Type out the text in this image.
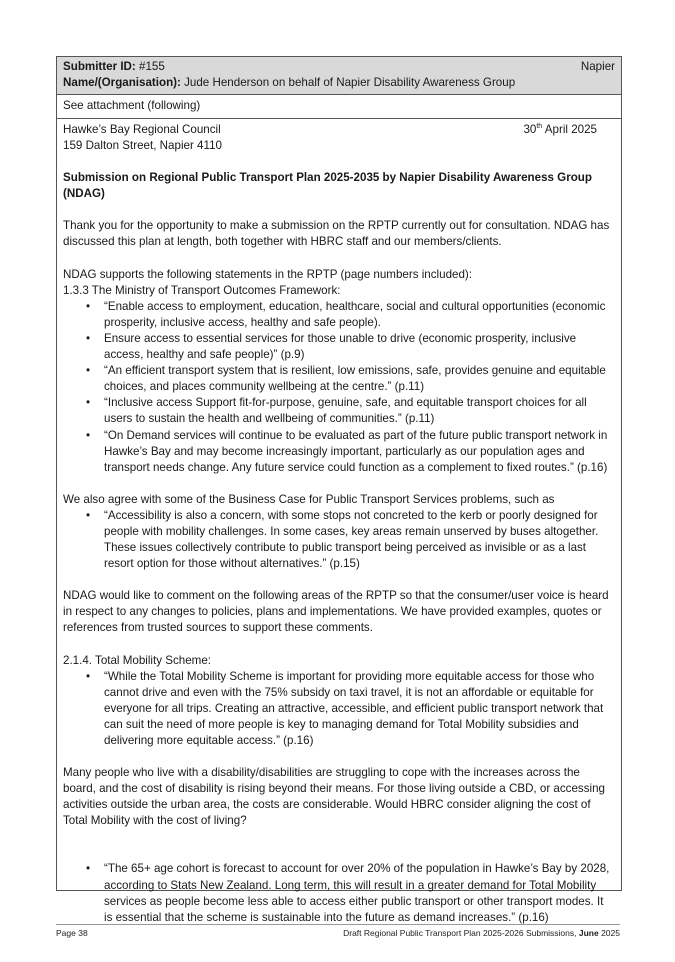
Submitter ID: #155	Napier
Name/(Organisation): Jude Henderson on behalf of Napier Disability Awareness Group
See attachment (following)
Hawke’s Bay Regional Council	30th April 2025

159 Dalton Street, Napier 4110

Submission on Regional Public Transport Plan 2025-2035 by Napier Disability Awareness Group (NDAG)

Thank you for the opportunity to make a submission on the RPTP currently out for consultation. NDAG has discussed this plan at length, both together with HBRC staff and our members/clients.

NDAG supports the following statements in the RPTP (page numbers included):

1.3.3 The Ministry of Transport Outcomes Framework:

• “Enable access to employment, education, healthcare, social and cultural opportunities (economic prosperity, inclusive access, healthy and safe people).
• Ensure access to essential services for those unable to drive (economic prosperity, inclusive access, healthy and safe people)” (p.9)
• “An efficient transport system that is resilient, low emissions, safe, provides genuine and equitable choices, and places community wellbeing at the centre.” (p.11)
• “Inclusive access Support fit-for-purpose, genuine, safe, and equitable transport choices for all users to sustain the health and wellbeing of communities.” (p.11)
• “On Demand services will continue to be evaluated as part of the future public transport network in Hawke’s Bay and may become increasingly important, particularly as our population ages and transport needs change. Any future service could function as a complement to fixed routes.” (p.16)

We also agree with some of the Business Case for Public Transport Services problems, such as

• “Accessibility is also a concern, with some stops not concreted to the kerb or poorly designed for people with mobility challenges. In some cases, key areas remain unserved by buses altogether. These issues collectively contribute to public transport being perceived as invisible or as a last resort option for those without alternatives.” (p.15)

NDAG would like to comment on the following areas of the RPTP so that the consumer/user voice is heard in respect to any changes to policies, plans and implementations. We have provided examples, quotes or references from trusted sources to support these comments.

2.1.4. Total Mobility Scheme:

• “While the Total Mobility Scheme is important for providing more equitable access for those who cannot drive and even with the 75% subsidy on taxi travel, it is not an affordable or equitable for everyone for all trips. Creating an attractive, accessible, and efficient public transport network that can suit the need of more people is key to managing demand for Total Mobility subsidies and delivering more equitable access.” (p.16)

Many people who live with a disability/disabilities are struggling to cope with the increases across the board, and the cost of disability is rising beyond their means. For those living outside a CBD, or accessing activities outside the urban area, the costs are considerable. Would HBRC consider aligning the cost of Total Mobility with the cost of living?

• “The 65+ age cohort is forecast to account for over 20% of the population in Hawke’s Bay by 2028, according to Stats New Zealand. Long term, this will result in a greater demand for Total Mobility services as people become less able to access either public transport or other transport modes. It is essential that the scheme is sustainable into the future as demand increases.” (p.16)
Page 38	Draft Regional Public Transport Plan 2025-2026 Submissions, June 2025
